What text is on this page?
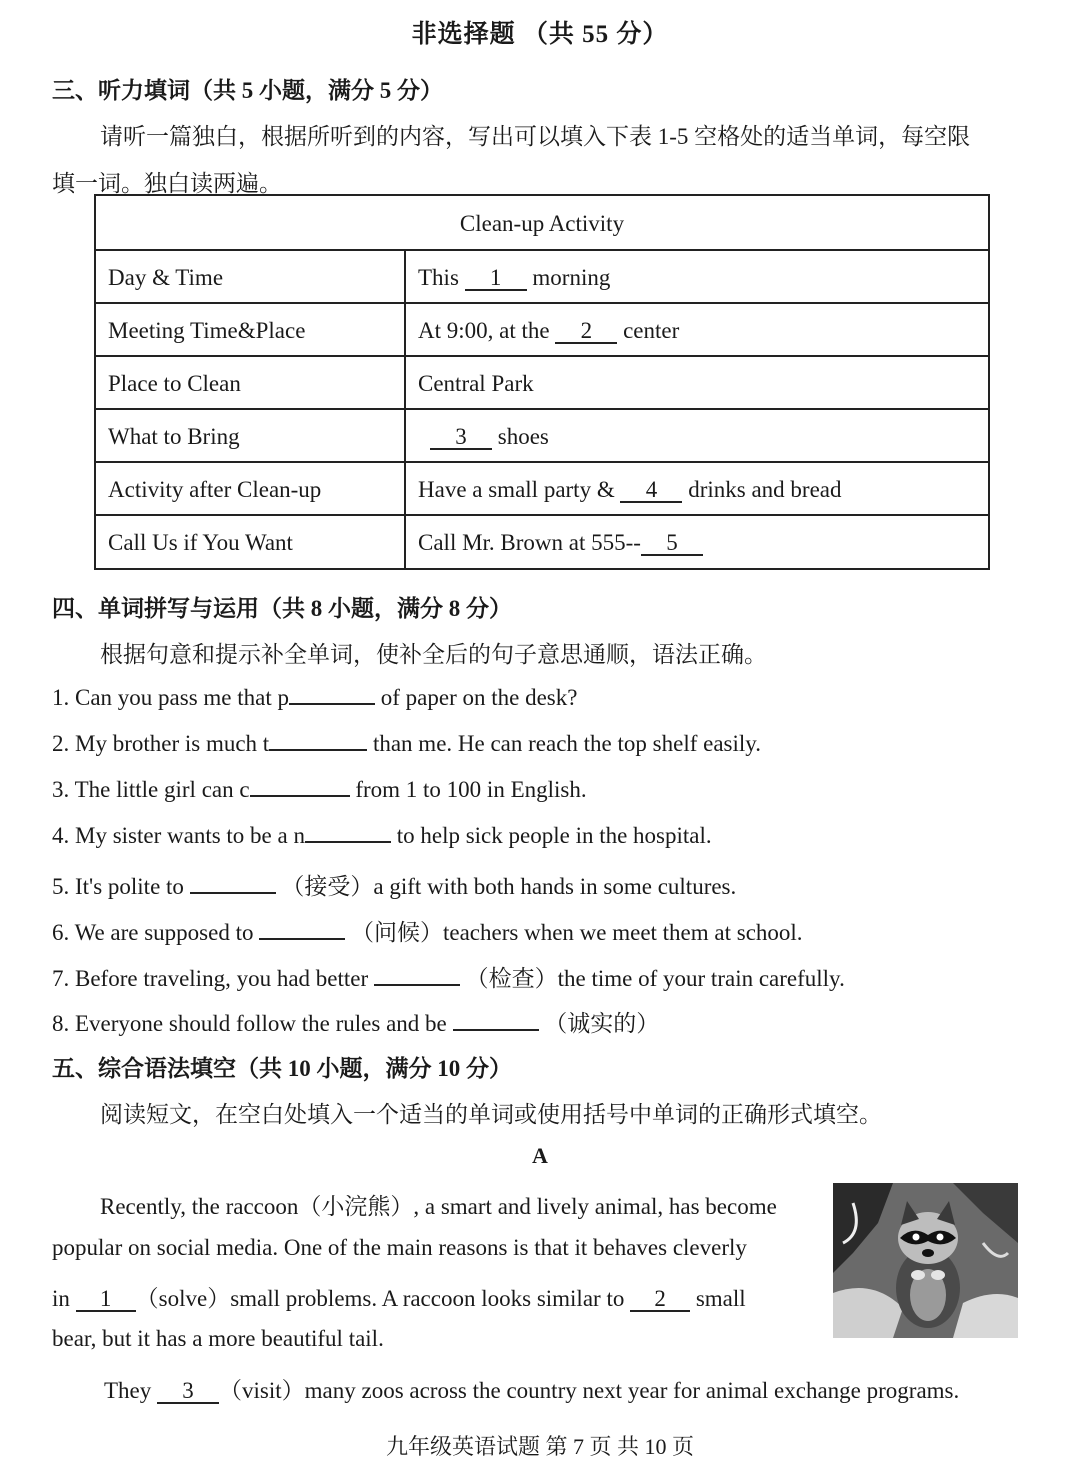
非选择题 （共 55 分）
三、听力填词（共 5 小题，满分 5 分）
请听一篇独白，根据所听到的内容，写出可以填入下表 1-5 空格处的适当单词，每空限
填一词。独白读两遍。
Clean-up Activity
Day & Time	This 1 morning
Meeting Time&Place	At 9:00, at the 2 center
Place to Clean	Central Park
What to Bring	3 shoes
Activity after Clean-up	Have a small party & 4 drinks and bread
Call Us if You Want	Call Mr. Brown at 555-- 5
四、单词拼写与运用（共 8 小题，满分 8 分）
根据句意和提示补全单词，使补全后的句子意思通顺，语法正确。
1. Can you pass me that p	of paper on the desk?
2. My brother is much t	than me. He can reach the top shelf easily.
3. The little girl can c	from 1 to 100 in English.
4. My sister wants to be a n	to help sick people in the hospital.
5. It's polite to	（接受）a gift with both hands in some cultures.
6. We are supposed to	（问候）teachers when we meet them at school.
7. Before traveling, you had better	（检查）the time of your train carefully.
8. Everyone should follow the rules and be	（诚实的）
五、综合语法填空（共 10 小题，满分 10 分）
阅读短文，在空白处填入一个适当的单词或使用括号中单词的正确形式填空。
A
Recently, the raccoon（小浣熊）, a smart and lively animal, has become
popular on social media. One of the main reasons is that it behaves cleverly
in 1 （solve）small problems. A raccoon looks similar to 2 small
bear, but it has a more beautiful tail.
They 3 （visit）many zoos across the country next year for animal exchange programs.
九年级英语试题 第 7 页 共 10 页
